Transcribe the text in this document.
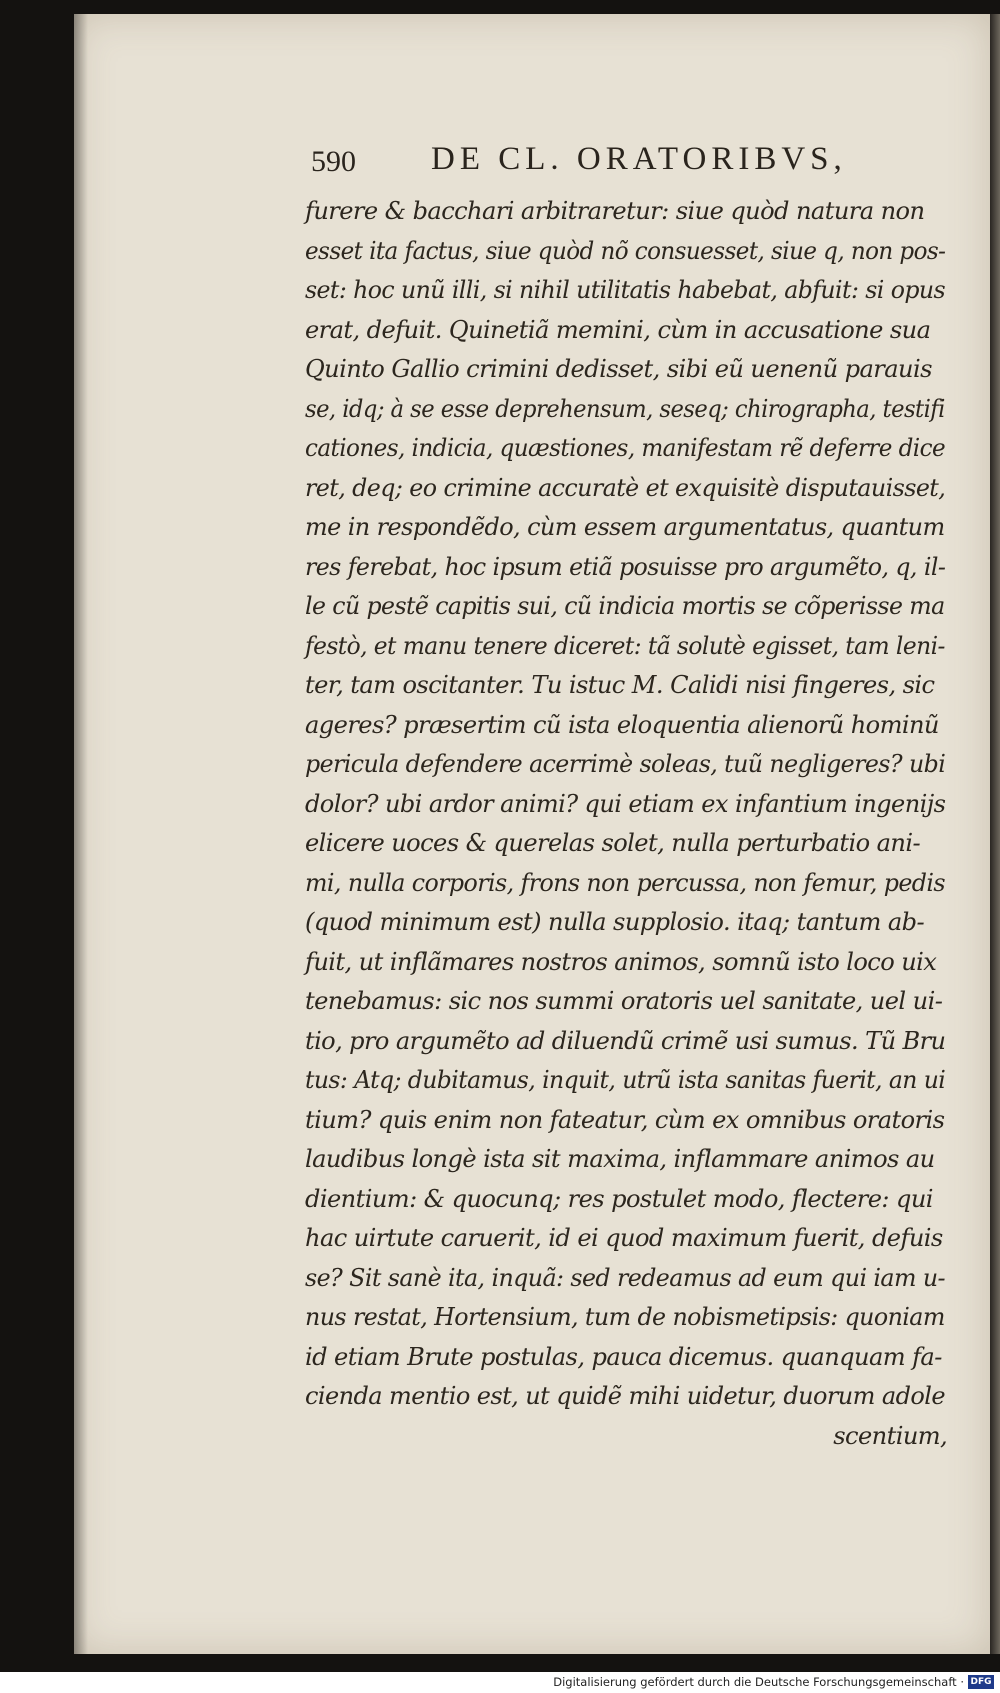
590 DE CL. ORATORIBVS,
furere & bacchari arbitraretur: siue quòd natura non
esset ita factus, siue quòd nõ consuesset, siue q, non pos-
set: hoc unũ illi, si nihil utilitatis habebat, abfuit: si opus
erat, defuit. Quinetiã memini, cùm in accusatione sua
Quinto Gallio crimini dedisset, sibi eũ uenenũ parauis
se, idq; à se esse deprehensum, seseq; chirographa, testifi
cationes, indicia, quæstiones, manifestam rẽ deferre dice
ret, deq; eo crimine accuratè et exquisitè disputauisset,
me in respondẽdo, cùm essem argumentatus, quantum
res ferebat, hoc ipsum etiã posuisse pro argumẽto, q, il-
le cũ pestẽ capitis sui, cũ indicia mortis se cõperisse ma
festò, et manu tenere diceret: tã solutè egisset, tam leni-
ter, tam oscitanter. Tu istuc M. Calidi nisi fingeres, sic
ageres? præsertim cũ ista eloquentia alienorũ hominũ
pericula defendere acerrimè soleas, tuũ negligeres? ubi
dolor? ubi ardor animi? qui etiam ex infantium ingenijs
elicere uoces & querelas solet, nulla perturbatio ani-
mi, nulla corporis, frons non percussa, non femur, pedis
(quod minimum est) nulla supplosio. itaq; tantum ab-
fuit, ut inflãmares nostros animos, somnũ isto loco uix
tenebamus: sic nos summi oratoris uel sanitate, uel ui-
tio, pro argumẽto ad diluendũ crimẽ usi sumus. Tũ Bru
tus: Atq; dubitamus, inquit, utrũ ista sanitas fuerit, an ui
tium? quis enim non fateatur, cùm ex omnibus oratoris
laudibus longè ista sit maxima, inflammare animos au
dientium: & quocunq; res postulet modo, flectere: qui
hac uirtute caruerit, id ei quod maximum fuerit, defuis
se? Sit sanè ita, inquã: sed redeamus ad eum qui iam u-
nus restat, Hortensium, tum de nobismetipsis: quoniam
id etiam Brute postulas, pauca dicemus. quanquam fa-
cienda mentio est, ut quidẽ mihi uidetur, duorum adole
scentium,
Digitalisierung gefördert durch die Deutsche Forschungsgemeinschaft · DFG
